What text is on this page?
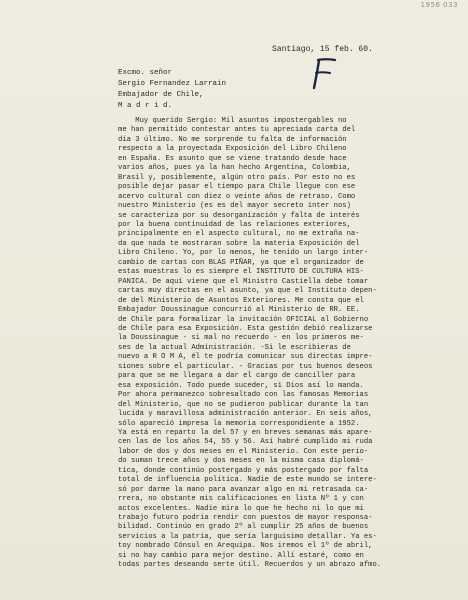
1956 033
Santiago, 15 feb. 60.
Excmo. señor
Sergio Fernandez Larrain
Embajador de Chile,
M a d r i d.
Muy querido Sergio: Mil asuntos impostergables no
me han permitido contestar antes tu apreciada carta del
día 3 último. No me sorprende tu falta de información
respecto a la proyectada Exposición del Libro Chileno
en España. Es asunto que se viene tratando desde hace
varios años, pues ya la han hecho Argentina, Colombia,
Brasil y, posiblemente, algún otro país. Por esto no es
posible dejar pasar el tiempo para Chile llegue con ese
acervo cultural con diez o veinte años de retraso. Como
nuestro Ministerio (es es del mayor secreto inter nos)
se caracteriza por su desorganización y falta de interés
por la buena continuidad de las relaciones exteriores,
principalmente en el aspecto cultural, no me extraña na-
da que nada te mostraran sobre la materia Exposición del
Libro Chileno. Yo, por lo menos, he tenido un largo inter-
cambio de cartas con BLAS PIÑAR, ya que el organizador de
estas muestras lo es siempre el INSTITUTO DE CULTURA HIS-
PANICA. De aquí viene que el Ministro Castiella debe tomar
cartas muy directas en el asunto, ya que el Instituto depen-
de del Ministerio de Asuntos Exteriores. Me consta que el
Embajador Doussinague concurrió al Ministerio de RR. EE.
de Chile para formalizar la invitación OFICIAL al Gobierno
de Chile para esa Exposición. Esta gestión debió realizarse
la Doussinague - si mal no recuerdo - en los primeros me-
ses de la actual Administración. -Si le escribieras de
nuevo a R O M A, él te podría comunicar sus directas impre-
siones sobre el particular. - Gracias por tus buenos deseos
para que se me llegara a dar el cargo de canciller para
esa exposición. Todo puede suceder, si Dios así lo manda.
Por ahora permanezco sobresaltado con las famosas Memorias
del Ministerio, que no se pudieron publicar durante la tan
lucida y maravillosa administración anterior. En seis años,
sólo apareció impresa la memoria correspondiente a 1952.
Ya está en reparto la del 57 y en breves semanas más apare-
cen las de los años 54, 55 y 56. Así habré cumplido mi ruda
labor de dos y dos meses en el Ministerio. Con este perío-
do suman trece años y dos meses en la misma casa diplomá-
tica, donde continúo postergado y más postergado por falta
total de influencia política. Nadie de este mundo se intere-
só por darme la mano para avanzar algo en mi retrasada ca-
rrera, no obstante mis calificaciones en lista Nº 1 y con
actos excelentes. Nadie mira lo que he hecho ni lo que mi
trabajo futuro podría rendir con puestos de mayor responsa-
bilidad. Continúo en grado 2º al cumplir 25 años de buenos
servicios a la patria, que sería larguísimo detallar. Ya es-
toy nombrado Cónsul en Arequipa. Nos iremos el 1º de abril,
si no hay cambio para mejor destino. Allí estaré, como en
todas partes deseando serte útil. Recuerdos y un abrazo afmo.
